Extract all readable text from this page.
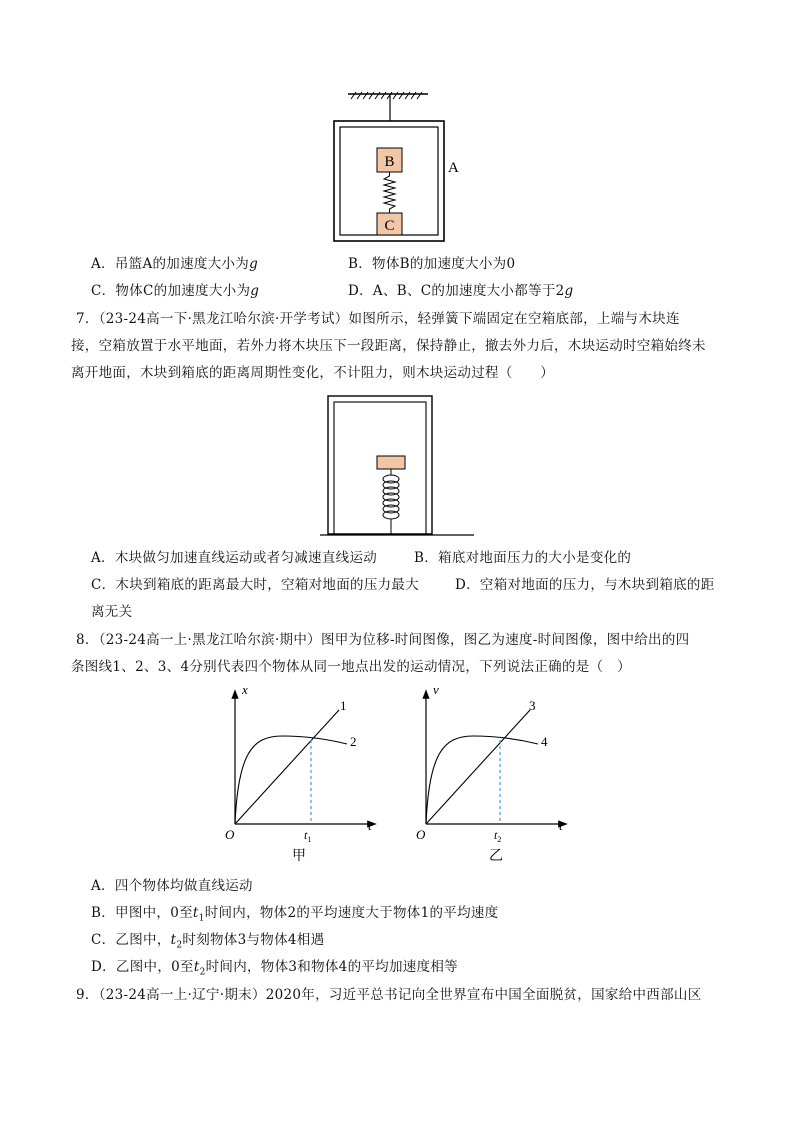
B
C
A
A．吊篮A的加速度大小为g	B．物体B的加速度大小为0
C．物体C的加速度大小为g	D．A、B、C的加速度大小都等于2g
7．（23-24高一下·黑龙江哈尔滨·开学考试）如图所示，轻弹簧下端固定在空箱底部，上端与木块连
接，空箱放置于水平地面，若外力将木块压下一段距离，保持静止，撤去外力后，木块运动时空箱始终未
离开地面，木块到箱底的距离周期性变化，不计阻力，则木块运动过程（　　）
A．木块做匀加速直线运动或者匀减速直线运动	B．箱底对地面压力的大小是变化的
C．木块到箱底的距离最大时，空箱对地面的压力最大	D．空箱对地面的压力，与木块到箱底的距
离无关
8．（23-24高一上·黑龙江哈尔滨·期中）图甲为位移-时间图像，图乙为速度-时间图像，图中给出的四
条图线1、2、3、4分别代表四个物体从同一地点出发的运动情况，下列说法正确的是（　）
x
t
O
1
2
$t_1$
甲
v
t
O
3
4
$t_2$
乙
A．四个物体均做直线运动
B．甲图中，0至$t_1$时间内，物体2的平均速度大于物体1的平均速度
C．乙图中，$t_2$时刻物体3与物体4相遇
D．乙图中，0至$t_2$时间内，物体3和物体4的平均加速度相等
9．（23-24高一上·辽宁·期末）2020年，习近平总书记向全世界宣布中国全面脱贫，国家给中西部山区
